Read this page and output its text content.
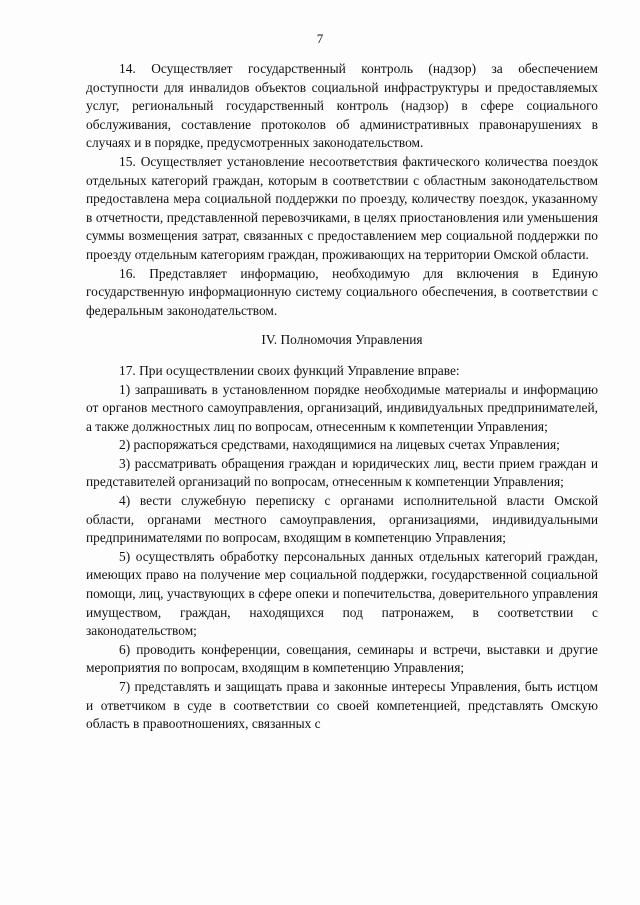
7

14. Осуществляет государственный контроль (надзор) за обеспечением доступности для инвалидов объектов социальной инфраструктуры и предоставляемых услуг, региональный государственный контроль (надзор) в сфере социального обслуживания, составление протоколов об административных правонарушениях в случаях и в порядке, предусмотренных законодательством.

15. Осуществляет установление несоответствия фактического количества поездок отдельных категорий граждан, которым в соответствии с областным законодательством предоставлена мера социальной поддержки по проезду, количеству поездок, указанному в отчетности, представленной перевозчиками, в целях приостановления или уменьшения суммы возмещения затрат, связанных с предоставлением мер социальной поддержки по проезду отдельным категориям граждан, проживающих на территории Омской области.

16. Представляет информацию, необходимую для включения в Единую государственную информационную систему социального обеспечения, в соответствии с федеральным законодательством.

IV. Полномочия Управления

17. При осуществлении своих функций Управление вправе:

1) запрашивать в установленном порядке необходимые материалы и информацию от органов местного самоуправления, организаций, индивидуальных предпринимателей, а также должностных лиц по вопросам, отнесенным к компетенции Управления;

2) распоряжаться средствами, находящимися на лицевых счетах Управления;

3) рассматривать обращения граждан и юридических лиц, вести прием граждан и представителей организаций по вопросам, отнесенным к компетенции Управления;

4) вести служебную переписку с органами исполнительной власти Омской области, органами местного самоуправления, организациями, индивидуальными предпринимателями по вопросам, входящим в компетенцию Управления;

5) осуществлять обработку персональных данных отдельных категорий граждан, имеющих право на получение мер социальной поддержки, государственной социальной помощи, лиц, участвующих в сфере опеки и попечительства, доверительного управления имуществом, граждан, находящихся под патронажем, в соответствии с законодательством;

6) проводить конференции, совещания, семинары и встречи, выставки и другие мероприятия по вопросам, входящим в компетенцию Управления;

7) представлять и защищать права и законные интересы Управления, быть истцом и ответчиком в суде в соответствии со своей компетенцией, представлять Омскую область в правоотношениях, связанных с
